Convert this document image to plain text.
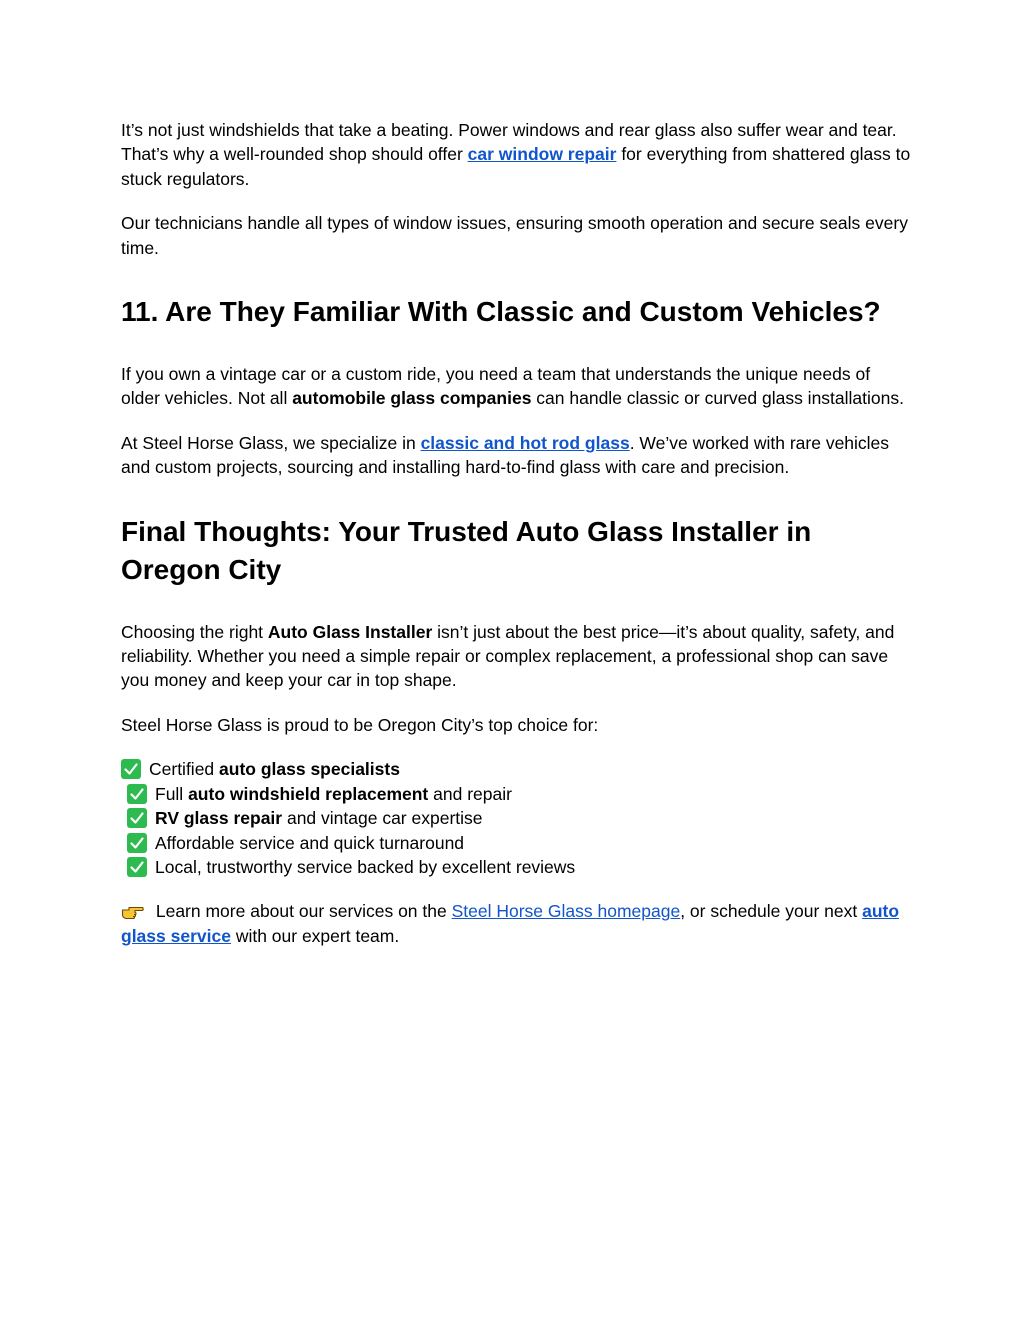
It’s not just windshields that take a beating. Power windows and rear glass also suffer wear and tear. That’s why a well-rounded shop should offer car window repair for everything from shattered glass to stuck regulators.

Our technicians handle all types of window issues, ensuring smooth operation and secure seals every time.

11. Are They Familiar With Classic and Custom Vehicles?

If you own a vintage car or a custom ride, you need a team that understands the unique needs of older vehicles. Not all automobile glass companies can handle classic or curved glass installations.

At Steel Horse Glass, we specialize in classic and hot rod glass. We’ve worked with rare vehicles and custom projects, sourcing and installing hard-to-find glass with care and precision.

Final Thoughts: Your Trusted Auto Glass Installer in Oregon City

Choosing the right Auto Glass Installer isn’t just about the best price—it’s about quality, safety, and reliability. Whether you need a simple repair or complex replacement, a professional shop can save you money and keep your car in top shape.

Steel Horse Glass is proud to be Oregon City’s top choice for:

Certified auto glass specialists
Full auto windshield replacement and repair
RV glass repair and vintage car expertise
Affordable service and quick turnaround
Local, trustworthy service backed by excellent reviews

Learn more about our services on the Steel Horse Glass homepage, or schedule your next auto glass service with our expert team.
